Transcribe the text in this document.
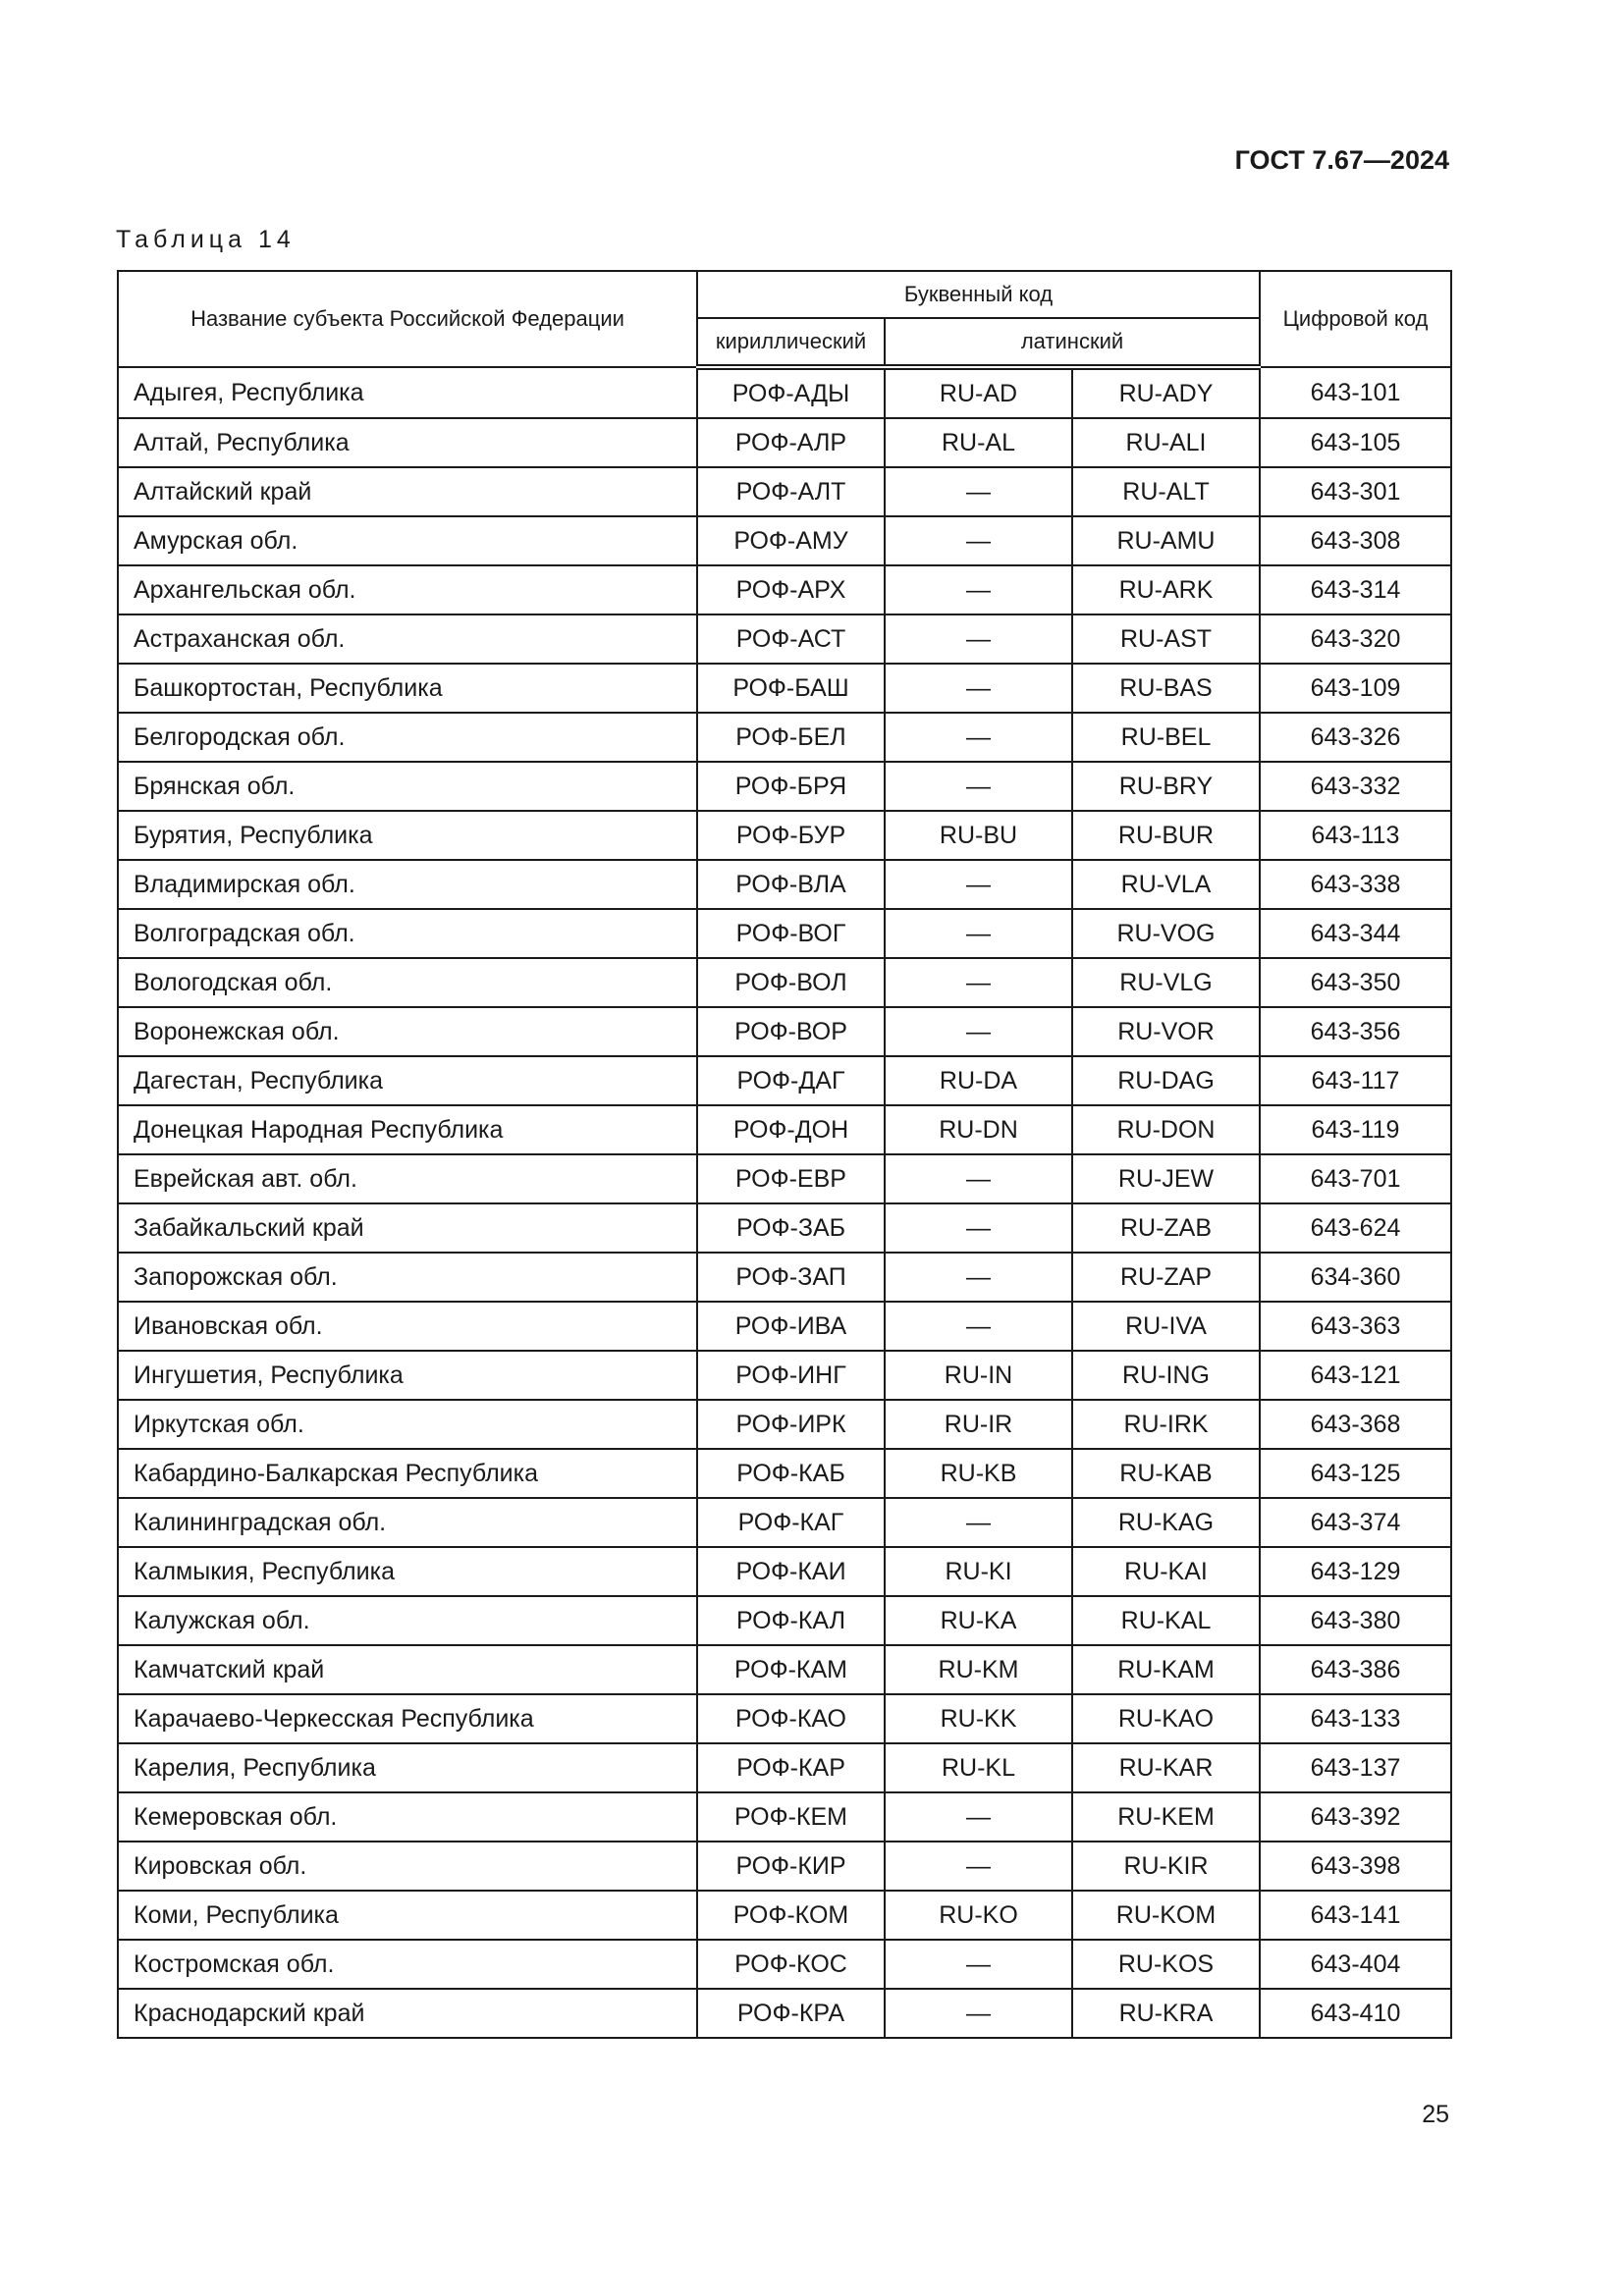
ГОСТ 7.67—2024
Таблица 14
Название субъекта Российской Федерации	Буквенный код			Цифровой код
	кириллический	латинский		
Адыгея, Республика	РОФ-АДЫ	RU-AD	RU-ADY	643-101
Алтай, Республика	РОФ-АЛР	RU-AL	RU-ALI	643-105
Алтайский край	РОФ-АЛТ	—	RU-ALT	643-301
Амурская обл.	РОФ-АМУ	—	RU-AMU	643-308
Архангельская обл.	РОФ-АРХ	—	RU-ARK	643-314
Астраханская обл.	РОФ-АСТ	—	RU-AST	643-320
Башкортостан, Республика	РОФ-БАШ	—	RU-BAS	643-109
Белгородская обл.	РОФ-БЕЛ	—	RU-BEL	643-326
Брянская обл.	РОФ-БРЯ	—	RU-BRY	643-332
Бурятия, Республика	РОФ-БУР	RU-BU	RU-BUR	643-113
Владимирская обл.	РОФ-ВЛА	—	RU-VLA	643-338
Волгоградская обл.	РОФ-ВОГ	—	RU-VOG	643-344
Вологодская обл.	РОФ-ВОЛ	—	RU-VLG	643-350
Воронежская обл.	РОФ-ВОР	—	RU-VOR	643-356
Дагестан, Республика	РОФ-ДАГ	RU-DA	RU-DAG	643-117
Донецкая Народная Республика	РОФ-ДОН	RU-DN	RU-DON	643-119
Еврейская авт. обл.	РОФ-ЕВР	—	RU-JEW	643-701
Забайкальский край	РОФ-ЗАБ	—	RU-ZAB	643-624
Запорожская обл.	РОФ-ЗАП	—	RU-ZAP	634-360
Ивановская обл.	РОФ-ИВА	—	RU-IVA	643-363
Ингушетия, Республика	РОФ-ИНГ	RU-IN	RU-ING	643-121
Иркутская обл.	РОФ-ИРК	RU-IR	RU-IRK	643-368
Кабардино-Балкарская Республика	РОФ-КАБ	RU-KB	RU-KAB	643-125
Калининградская обл.	РОФ-КАГ	—	RU-KAG	643-374
Калмыкия, Республика	РОФ-КАИ	RU-KI	RU-KAI	643-129
Калужская обл.	РОФ-КАЛ	RU-KA	RU-KAL	643-380
Камчатский край	РОФ-КАМ	RU-KM	RU-KAM	643-386
Карачаево-Черкесская Республика	РОФ-КАО	RU-KK	RU-KAO	643-133
Карелия, Республика	РОФ-КАР	RU-KL	RU-KAR	643-137
Кемеровская обл.	РОФ-КЕМ	—	RU-KEM	643-392
Кировская обл.	РОФ-КИР	—	RU-KIR	643-398
Коми, Республика	РОФ-КОМ	RU-KO	RU-KOM	643-141
Костромская обл.	РОФ-КОС	—	RU-KOS	643-404
Краснодарский край	РОФ-КРА	—	RU-KRA	643-410
25
